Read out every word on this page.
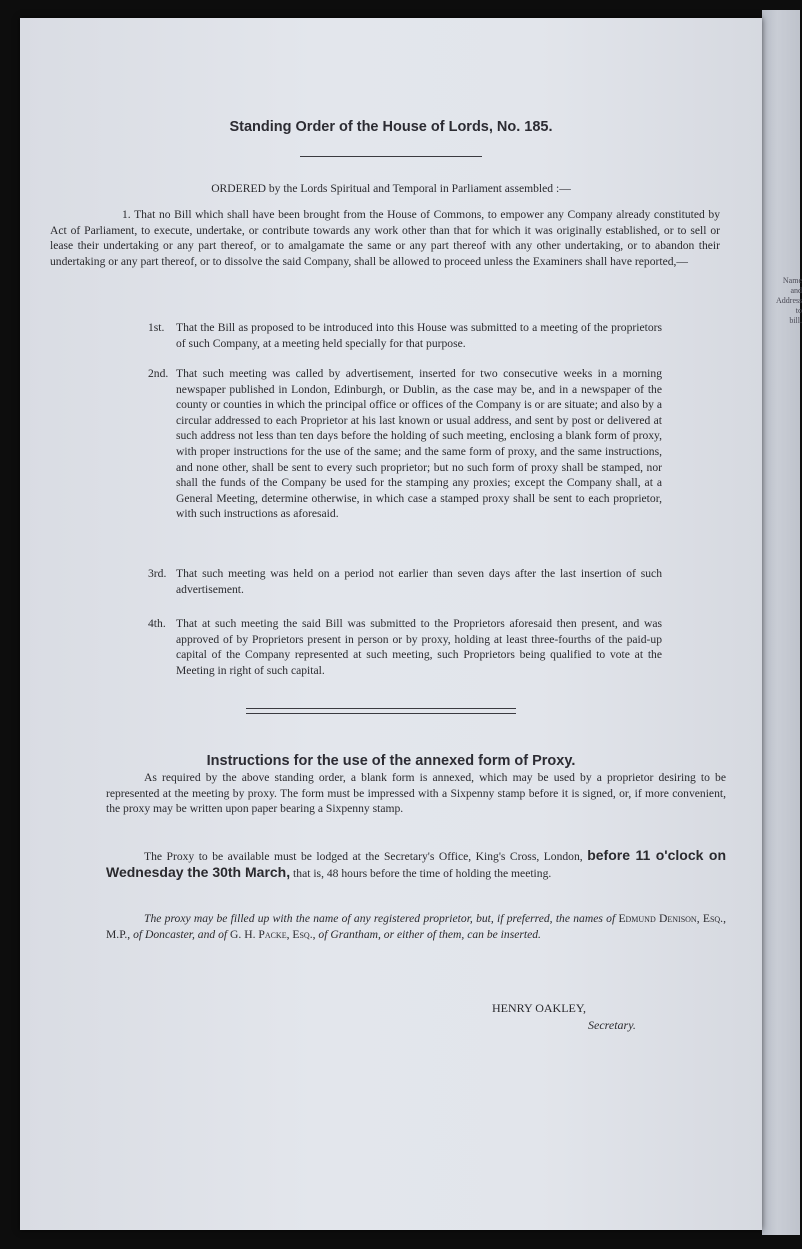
Name and
Address to
bill.
Standing Order of the House of Lords, No. 185.

ORDERED by the Lords Spiritual and Temporal in Parliament assembled :—

1. That no Bill which shall have been brought from the House of Commons, to empower any Company already constituted by Act of Parliament, to execute, undertake, or contribute towards any work other than that for which it was originally established, or to sell or lease their undertaking or any part thereof, or to amalgamate the same or any part thereof with any other undertaking, or to abandon their undertaking or any part thereof, or to dissolve the said Company, shall be allowed to proceed unless the Examiners shall have reported,—

1st. That the Bill as proposed to be introduced into this House was submitted to a meeting of the proprietors of such Company, at a meeting held specially for that purpose.

2nd. That such meeting was called by advertisement, inserted for two consecutive weeks in a morning newspaper published in London, Edinburgh, or Dublin, as the case may be, and in a newspaper of the county or counties in which the principal office or offices of the Company is or are situate; and also by a circular addressed to each Proprietor at his last known or usual address, and sent by post or delivered at such address not less than ten days before the holding of such meeting, enclosing a blank form of proxy, with proper instructions for the use of the same; and the same form of proxy, and the same instructions, and none other, shall be sent to every such proprietor; but no such form of proxy shall be stamped, nor shall the funds of the Company be used for the stamping any proxies; except the Company shall, at a General Meeting, determine otherwise, in which case a stamped proxy shall be sent to each proprietor, with such instructions as aforesaid.

3rd. That such meeting was held on a period not earlier than seven days after the last insertion of such advertisement.

4th. That at such meeting the said Bill was submitted to the Proprietors aforesaid then present, and was approved of by Proprietors present in person or by proxy, holding at least three-fourths of the paid-up capital of the Company represented at such meeting, such Proprietors being qualified to vote at the Meeting in right of such capital.

Instructions for the use of the annexed form of Proxy.

As required by the above standing order, a blank form is annexed, which may be used by a proprietor desiring to be represented at the meeting by proxy. The form must be impressed with a Sixpenny stamp before it is signed, or, if more convenient, the proxy may be written upon paper bearing a Sixpenny stamp.

The Proxy to be available must be lodged at the Secretary's Office, King's Cross, London, before 11 o'clock on Wednesday the 30th March, that is, 48 hours before the time of holding the meeting.

The proxy may be filled up with the name of any registered proprietor, but, if preferred, the names of Edmund Denison, Esq., M.P., of Doncaster, and of G. H. Packe, Esq., of Grantham, or either of them, can be inserted.

HENRY OAKLEY,
Secretary.
